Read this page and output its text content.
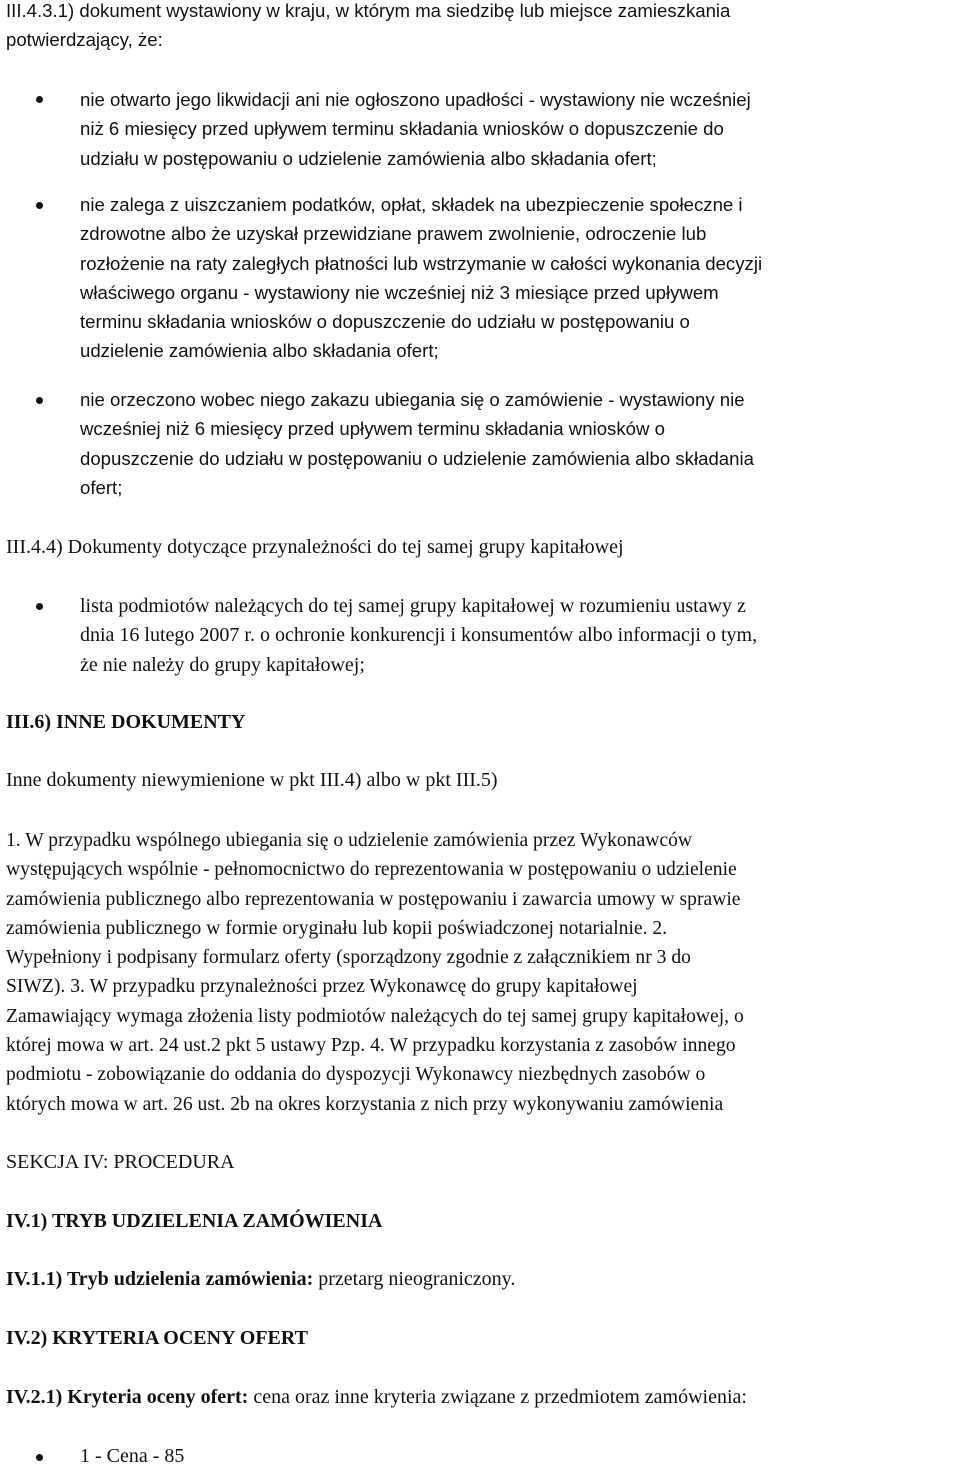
III.4.3.1) dokument wystawiony w kraju, w którym ma siedzibę lub miejsce zamieszkania
potwierdzający, że:
nie otwarto jego likwidacji ani nie ogłoszono upadłości - wystawiony nie wcześniej
niż 6 miesięcy przed upływem terminu składania wniosków o dopuszczenie do
udziału w postępowaniu o udzielenie zamówienia albo składania ofert;
nie zalega z uiszczaniem podatków, opłat, składek na ubezpieczenie społeczne i
zdrowotne albo że uzyskał przewidziane prawem zwolnienie, odroczenie lub
rozłożenie na raty zaległych płatności lub wstrzymanie w całości wykonania decyzji
właściwego organu - wystawiony nie wcześniej niż 3 miesiące przed upływem
terminu składania wniosków o dopuszczenie do udziału w postępowaniu o
udzielenie zamówienia albo składania ofert;
nie orzeczono wobec niego zakazu ubiegania się o zamówienie - wystawiony nie
wcześniej niż 6 miesięcy przed upływem terminu składania wniosków o
dopuszczenie do udziału w postępowaniu o udzielenie zamówienia albo składania
ofert;
III.4.4) Dokumenty dotyczące przynależności do tej samej grupy kapitałowej
lista podmiotów należących do tej samej grupy kapitałowej w rozumieniu ustawy z
dnia 16 lutego 2007 r. o ochronie konkurencji i konsumentów albo informacji o tym,
że nie należy do grupy kapitałowej;
III.6) INNE DOKUMENTY
Inne dokumenty niewymienione w pkt III.4) albo w pkt III.5)
1. W przypadku wspólnego ubiegania się o udzielenie zamówienia przez Wykonawców
występujących wspólnie - pełnomocnictwo do reprezentowania w postępowaniu o udzielenie
zamówienia publicznego albo reprezentowania w postępowaniu i zawarcia umowy w sprawie
zamówienia publicznego w formie oryginału lub kopii poświadczonej notarialnie. 2.
Wypełniony i podpisany formularz oferty (sporządzony zgodnie z załącznikiem nr 3 do
SIWZ). 3. W przypadku przynależności przez Wykonawcę do grupy kapitałowej
Zamawiający wymaga złożenia listy podmiotów należących do tej samej grupy kapitałowej, o
której mowa w art. 24 ust.2 pkt 5 ustawy Pzp. 4. W przypadku korzystania z zasobów innego
podmiotu - zobowiązanie do oddania do dyspozycji Wykonawcy niezbędnych zasobów o
których mowa w art. 26 ust. 2b na okres korzystania z nich przy wykonywaniu zamówienia
SEKCJA IV: PROCEDURA
IV.1) TRYB UDZIELENIA ZAMÓWIENIA
IV.1.1) Tryb udzielenia zamówienia: przetarg nieograniczony.
IV.2) KRYTERIA OCENY OFERT
IV.2.1) Kryteria oceny ofert: cena oraz inne kryteria związane z przedmiotem zamówienia:
1 - Cena - 85
